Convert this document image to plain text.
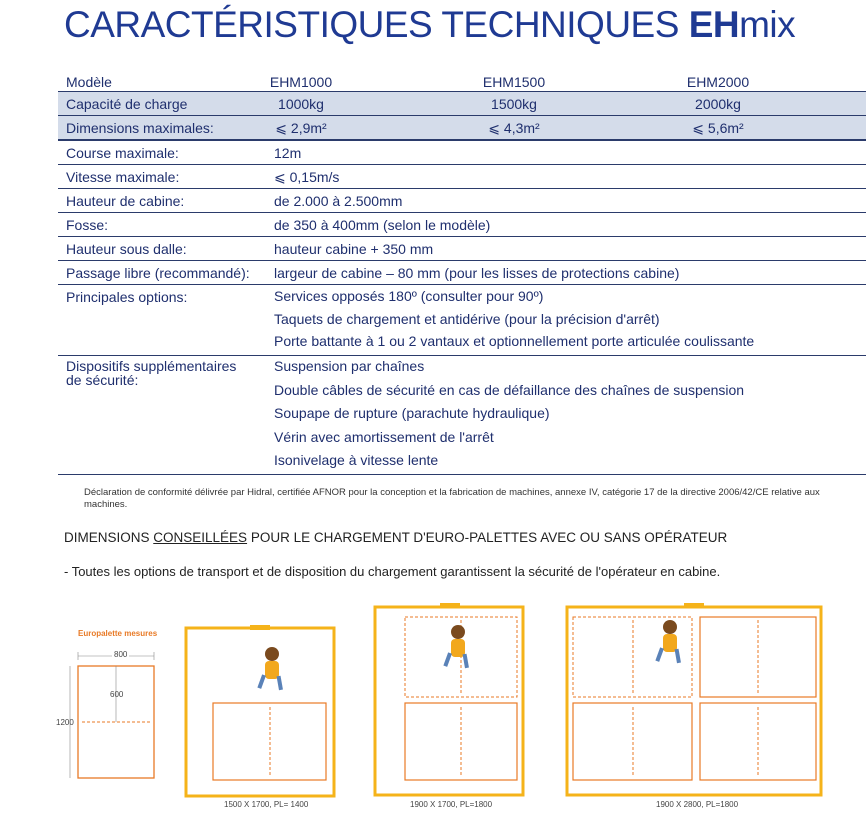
CARACTÉRISTIQUES TECHNIQUES EHmix
Modèle	EHM1000	EHM1500	EHM2000
Capacité de charge	1000kg	1500kg	2000kg
Dimensions maximales:	⩽ 2,9m²	⩽ 4,3m²	⩽ 5,6m²
Course maximale:	12m
Vitesse maximale:	⩽ 0,15m/s
Hauteur de cabine:	de 2.000 à 2.500mm
Fosse:	de 350 à 400mm (selon le modèle)
Hauteur sous dalle:	hauteur cabine + 350 mm
Passage libre (recommandé): largeur de cabine – 80 mm (pour les lisses de protections cabine)
Principales options:	Services opposés 180º (consulter pour 90º)
Taquets de chargement et antidérive (pour la précision d'arrêt)
Porte battante à 1 ou 2 vantaux et optionnellement porte articulée coulissante
Dispositifs supplémentaires
de sécurité:
Suspension par chaînes
Double câbles de sécurité en cas de défaillance des chaînes de suspension
Soupape de rupture (parachute hydraulique)
Vérin avec amortissement de l'arrêt
Isonivelage à vitesse lente
Déclaration de conformité délivrée par Hidral, certifiée AFNOR pour la conception et la fabrication de machines, annexe IV, catégorie 17 de la directive 2006/42/CE relative aux machines.
DIMENSIONS CONSEILLÉES POUR LE CHARGEMENT D'EURO-PALETTES AVEC OU SANS OPÉRATEUR
- Toutes les options de transport et de disposition du chargement garantissent la sécurité de l'opérateur en cabine.
Europalette mesures
800
600
1200
1500 X 1700, PL= 1400	1900 X 1700, PL=1800	1900 X 2800, PL=1800
